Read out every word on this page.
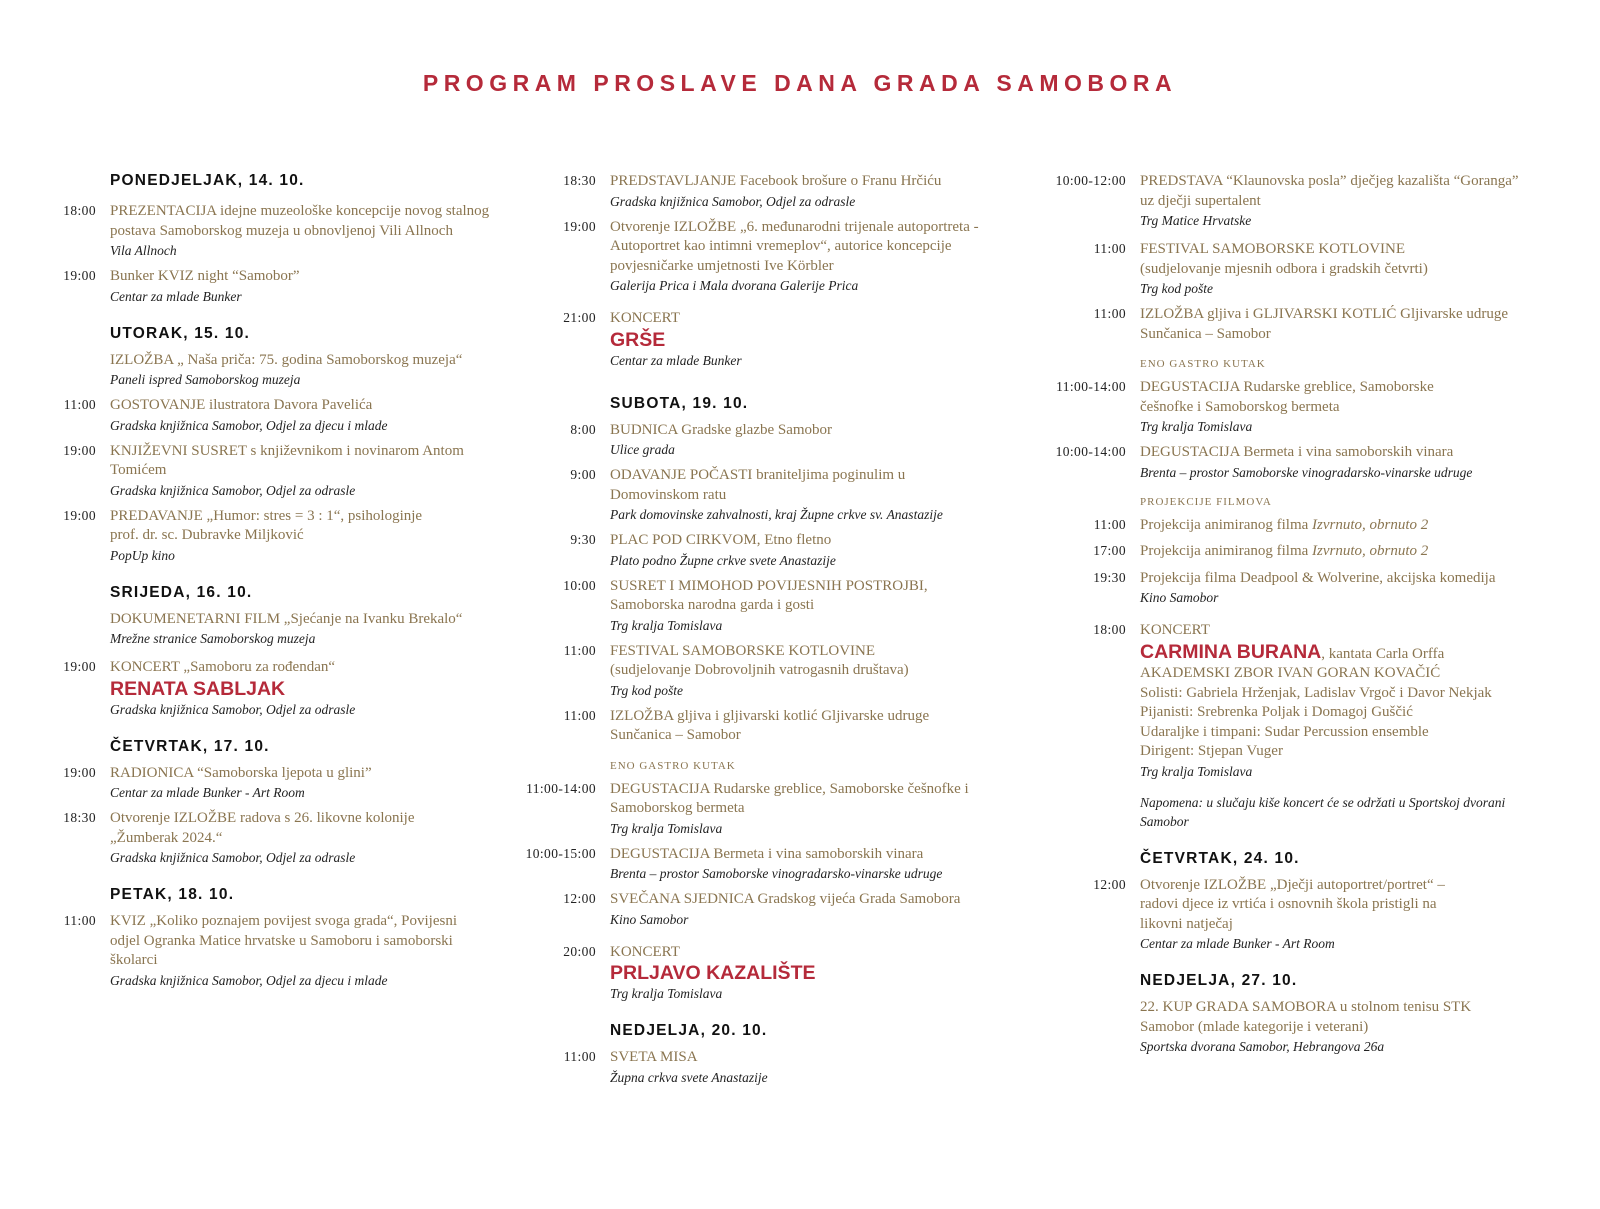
PROGRAM PROSLAVE DANA GRADA SAMOBORA
PONEDJELJAK, 14. 10.
18:00 PREZENTACIJA idejne muzeološke koncepcije novog stalnog postava Samoborskog muzeja u obnovljenoj Vili Allnoch
Vila Allnoch
19:00 Bunker KVIZ night “Samobor”
Centar za mlade Bunker
UTORAK, 15. 10.
IZLOŽBA „ Naša priča: 75. godina Samoborskog muzeja“
Paneli ispred Samoborskog muzeja
11:00 GOSTOVANJE ilustratora Davora Pavelića
Gradska knjižnica Samobor, Odjel za djecu i mlade
19:00 KNJIŽEVNI SUSRET s književnikom i novinarom Antom Tomićem
Gradska knjižnica Samobor, Odjel za odrasle
19:00 PREDAVANJE „Humor: stres = 3 : 1“, psihologinje prof. dr. sc. Dubravke Miljković
PopUp kino
SRIJEDA, 16. 10.
DOKUMENETARNI FILM „Sjećanje na Ivanku Brekalo“
Mrežne stranice Samoborskog muzeja
19:00 KONCERT „Samoboru za rođendan“
RENATA SABLJAK
Gradska knjižnica Samobor, Odjel za odrasle
ČETVRTAK, 17. 10.
19:00 RADIONICA “Samoborska ljepota u glini”
Centar za mlade Bunker - Art Room
18:30 Otvorenje IZLOŽBE radova s 26. likovne kolonije „Žumberak 2024.“
Gradska knjižnica Samobor, Odjel za odrasle
PETAK, 18. 10.
11:00 KVIZ „Koliko poznajem povijest svoga grada“, Povijesni odjel Ogranka Matice hrvatske u Samoboru i samoborski školarci
Gradska knjižnica Samobor, Odjel za djecu i mlade
18:30 PREDSTAVLJANJE Facebook brošure o Franu Hrčiću
Gradska knjižnica Samobor, Odjel za odrasle
19:00 Otvorenje IZLOŽBE „6. međunarodni trijenale autoportreta - Autoportret kao intimni vremeplov“, autorice koncepcije povjesničarke umjetnosti Ive Körbler
Galerija Prica i Mala dvorana Galerije Prica
21:00 KONCERT
GRŠE
Centar za mlade Bunker
SUBOTA, 19. 10.
8:00 BUDNICA Gradske glazbe Samobor
Ulice grada
9:00 ODAVANJE POČASTI braniteljima poginulim u Domovinskom ratu
Park domovinske zahvalnosti, kraj Župne crkve sv. Anastazije
9:30 PLAC POD CIRKVOM, Etno fletno
Plato podno Župne crkve svete Anastazije
10:00 SUSRET I MIMOHOD POVIJESNIH POSTROJBI, Samoborska narodna garda i gosti
Trg kralja Tomislava
11:00 FESTIVAL SAMOBORSKE KOTLOVINE (sudjelovanje Dobrovoljnih vatrogasnih društava)
Trg kod pošte
11:00 IZLOŽBA gljiva i gljivarski kotlić Gljivarske udruge Sunčanica – Samobor
ENO GASTRO KUTAK
11:00-14:00 DEGUSTACIJA Rudarske greblice, Samoborske češnofke i Samoborskog bermeta
Trg kralja Tomislava
10:00-15:00 DEGUSTACIJA Bermeta i vina samoborskih vinara
Brenta – prostor Samoborske vinogradarsko-vinarske udruge
12:00 SVEČANA SJEDNICA Gradskog vijeća Grada Samobora
Kino Samobor
20:00 KONCERT
PRLJAVO KAZALIŠTE
Trg kralja Tomislava
NEDJELJA, 20. 10.
11:00 SVETA MISA
Župna crkva svete Anastazije
10:00-12:00 PREDSTAVA “Klaunovska posla” dječjeg kazališta “Goranga” uz dječji supertalent
Trg Matice Hrvatske
11:00 FESTIVAL SAMOBORSKE KOTLOVINE (sudjelovanje mjesnih odbora i gradskih četvrti)
Trg kod pošte
11:00 IZLOŽBA gljiva i GLJIVARSKI KOTLIĆ Gljivarske udruge Sunčanica – Samobor
ENO GASTRO KUTAK
11:00-14:00 DEGUSTACIJA Rudarske greblice, Samoborske češnofke i Samoborskog bermeta
Trg kralja Tomislava
10:00-14:00 DEGUSTACIJA Bermeta i vina samoborskih vinara
Brenta – prostor Samoborske vinogradarsko-vinarske udruge
PROJEKCIJE FILMOVA
11:00 Projekcija animiranog filma Izvrnuto, obrnuto 2
17:00 Projekcija animiranog filma Izvrnuto, obrnuto 2
19:30 Projekcija filma Deadpool & Wolverine, akcijska komedija
Kino Samobor
18:00 KONCERT
CARMINA BURANA, kantata Carla Orffa
AKADEMSKI ZBOR IVAN GORAN KOVAČIĆ
Solisti: Gabriela Hrženjak, Ladislav Vrgoč i Davor Nekjak
Pijanisti: Srebrenka Poljak i Domagoj Guščić
Udaraljke i timpani: Sudar Percussion ensemble
Dirigent: Stjepan Vuger
Trg kralja Tomislava
Napomena: u slučaju kiše koncert će se održati u Sportskoj dvorani Samobor
ČETVRTAK, 24. 10.
12:00 Otvorenje IZLOŽBE „Dječji autoportret/portret“ – radovi djece iz vrtića i osnovnih škola pristigli na likovni natječaj
Centar za mlade Bunker - Art Room
NEDJELJA, 27. 10.
22. KUP GRADA SAMOBORA u stolnom tenisu STK Samobor (mlade kategorije i veterani)
Sportska dvorana Samobor, Hebrangova 26a
